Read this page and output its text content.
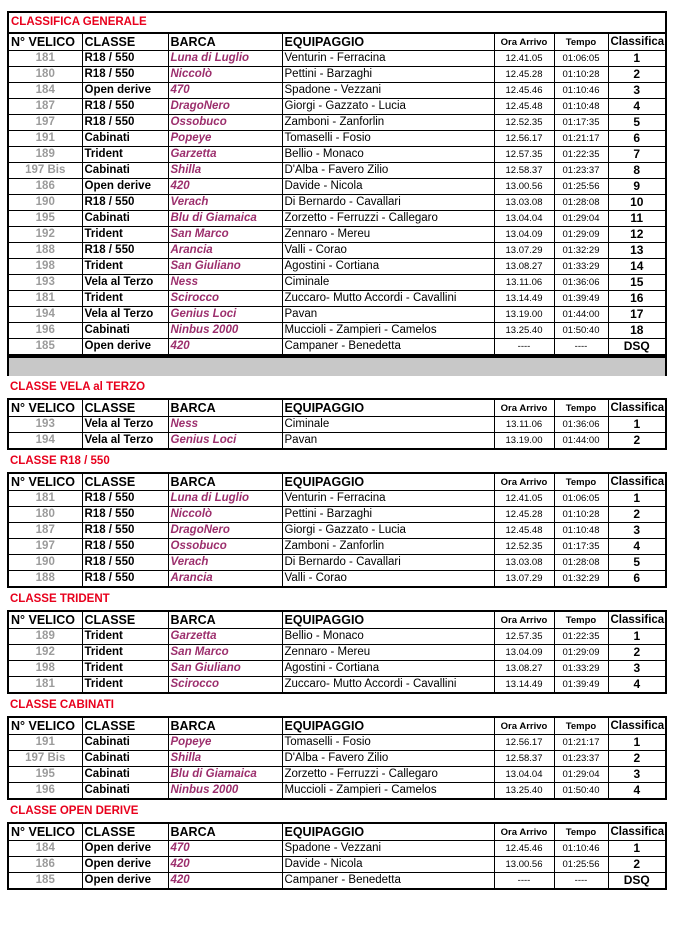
CLASSIFICA GENERALE						
N° VELICO	CLASSE	BARCA	EQUIPAGGIO	Ora Arrivo	Tempo	Classifica
181	R18 / 550	Luna di Luglio	Venturin - Ferracina	12.41.05	01:06:05	1
180	R18 / 550	Niccolò	Pettini - Barzaghi	12.45.28	01:10:28	2
184	Open derive	470	Spadone - Vezzani	12.45.46	01:10:46	3
187	R18 / 550	DragoNero	Giorgi - Gazzato - Lucia	12.45.48	01:10:48	4
197	R18 / 550	Ossobuco	Zamboni - Zanforlin	12.52.35	01:17:35	5
191	Cabinati	Popeye	Tomaselli - Fosio	12.56.17	01:21:17	6
189	Trident	Garzetta	Bellio - Monaco	12.57.35	01:22:35	7
197 Bis	Cabinati	Shilla	D'Alba - Favero Zilio	12.58.37	01:23:37	8
186	Open derive	420	Davide - Nicola	13.00.56	01:25:56	9
190	R18 / 550	Verach	Di Bernardo - Cavallari	13.03.08	01:28:08	10
195	Cabinati	Blu di Giamaica	Zorzetto - Ferruzzi - Callegaro	13.04.04	01:29:04	11
192	Trident	San Marco	Zennaro - Mereu	13.04.09	01:29:09	12
188	R18 / 550	Arancia	Valli - Corao	13.07.29	01:32:29	13
198	Trident	San Giuliano	Agostini - Cortiana	13.08.27	01:33:29	14
193	Vela al Terzo	Ness	Ciminale	13.11.06	01:36:06	15
181	Trident	Scirocco	Zuccaro- Mutto Accordi - Cavallini	13.14.49	01:39:49	16
194	Vela al Terzo	Genius Loci	Pavan	13.19.00	01:44:00	17
196	Cabinati	Ninbus 2000	Muccioli - Zampieri - Camelos	13.25.40	01:50:40	18
185	Open derive	420	Campaner - Benedetta	----	----	DSQ

CLASSE VELA al TERZO						
N° VELICO	CLASSE	BARCA	EQUIPAGGIO	Ora Arrivo	Tempo	Classifica
193	Vela al Terzo	Ness	Ciminale	13.11.06	01:36:06	1
194	Vela al Terzo	Genius Loci	Pavan	13.19.00	01:44:00	2
CLASSE R18 / 550						
N° VELICO	CLASSE	BARCA	EQUIPAGGIO	Ora Arrivo	Tempo	Classifica
181	R18 / 550	Luna di Luglio	Venturin - Ferracina	12.41.05	01:06:05	1
180	R18 / 550	Niccolò	Pettini - Barzaghi	12.45.28	01:10:28	2
187	R18 / 550	DragoNero	Giorgi - Gazzato - Lucia	12.45.48	01:10:48	3
197	R18 / 550	Ossobuco	Zamboni - Zanforlin	12.52.35	01:17:35	4
190	R18 / 550	Verach	Di Bernardo - Cavallari	13.03.08	01:28:08	5
188	R18 / 550	Arancia	Valli - Corao	13.07.29	01:32:29	6
CLASSE TRIDENT						
N° VELICO	CLASSE	BARCA	EQUIPAGGIO	Ora Arrivo	Tempo	Classifica
189	Trident	Garzetta	Bellio - Monaco	12.57.35	01:22:35	1
192	Trident	San Marco	Zennaro - Mereu	13.04.09	01:29:09	2
198	Trident	San Giuliano	Agostini - Cortiana	13.08.27	01:33:29	3
181	Trident	Scirocco	Zuccaro- Mutto Accordi - Cavallini	13.14.49	01:39:49	4
CLASSE CABINATI						
N° VELICO	CLASSE	BARCA	EQUIPAGGIO	Ora Arrivo	Tempo	Classifica
191	Cabinati	Popeye	Tomaselli - Fosio	12.56.17	01:21:17	1
197 Bis	Cabinati	Shilla	D'Alba - Favero Zilio	12.58.37	01:23:37	2
195	Cabinati	Blu di Giamaica	Zorzetto - Ferruzzi - Callegaro	13.04.04	01:29:04	3
196	Cabinati	Ninbus 2000	Muccioli - Zampieri - Camelos	13.25.40	01:50:40	4
CLASSE OPEN DERIVE						
N° VELICO	CLASSE	BARCA	EQUIPAGGIO	Ora Arrivo	Tempo	Classifica
184	Open derive	470	Spadone - Vezzani	12.45.46	01:10:46	1
186	Open derive	420	Davide - Nicola	13.00.56	01:25:56	2
185	Open derive	420	Campaner - Benedetta	----	----	DSQ
